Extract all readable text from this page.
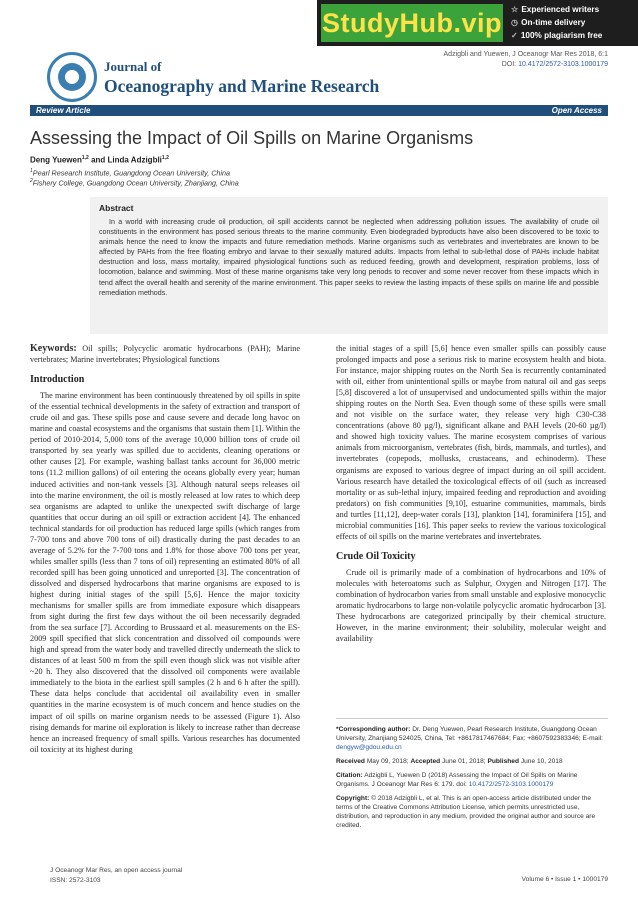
StudyHub.vip ☆ Experienced writers
◷ On-time delivery
✓ 100% plagiarism free
Adzigbli and Yuewen, J Oceanogr Mar Res 2018, 6:1
DOI: 10.4172/2572-3103.1000179
Journal of
Oceanography and Marine Research
Review Article	Open Access
Assessing the Impact of Oil Spills on Marine Organisms
Deng Yuewen$^{1,2}$ and Linda Adzigbli$^{1,2}$
$^1$Pearl Research Institute, Guangdong Ocean University, China
$^2$Fishery College, Guangdong Ocean University, Zhanjiang, China
Abstract

In a world with increasing crude oil production, oil spill accidents cannot be neglected when addressing pollution issues. The availability of crude oil constituents in the environment has posed serious threats to the marine community. Even biodegraded byproducts have also been discovered to be toxic to animals hence the need to know the impacts and future remediation methods. Marine organisms such as vertebrates and invertebrates are known to be affected by PAHs from the free floating embryo and larvae to their sexually matured adults. Impacts from lethal to sub-lethal dose of PAHs include habitat destruction and loss, mass mortality, impaired physiological functions such as reduced feeding, growth and development, respiration problems, loss of locomotion, balance and swimming. Most of these marine organisms take very long periods to recover and some never recover from these impacts which in tend affect the overall health and serenity of the marine environment. This paper seeks to review the lasting impacts of these spills on marine life and possible remediation methods.

Keywords: Oil spills; Polycyclic aromatic hydrocarbons (PAH); Marine vertebrates; Marine invertebrates; Physiological functions

Introduction

The marine environment has been continuously threatened by oil spills in spite of the essential technical developments in the safety of extraction and transport of crude oil and gas. These spills pose and cause severe and decade long havoc on marine and coastal ecosystems and the organisms that sustain them [1]. Within the period of 2010-2014, 5,000 tons of the average 10,000 billion tons of crude oil transported by sea yearly was spilled due to accidents, cleaning operations or other causes [2]. For example, washing ballast tanks account for 36,000 metric tons (11.2 million gallons) of oil entering the oceans globally every year; human induced activities and non-tank vessels [3]. Although natural seeps releases oil into the marine environment, the oil is mostly released at low rates to which deep sea organisms are adapted to unlike the unexpected swift discharge of large quantities that occur during an oil spill or extraction accident [4]. The enhanced technical standards for oil production has reduced large spills (which ranges from 7-700 tons and above 700 tons of oil) drastically during the past decades to an average of 5.2% for the 7-700 tons and 1.8% for those above 700 tons per year, whiles smaller spills (less than 7 tons of oil) representing an estimated 80% of all recorded spill has been going unnoticed and unreported [3]. The concentration of dissolved and dispersed hydrocarbons that marine organisms are exposed to is highest during initial stages of the spill [5,6]. Hence the major toxicity mechanisms for smaller spills are from immediate exposure which disappears from sight during the first few days without the oil been necessarily degraded from the sea surface [7]. According to Brussaard et al. measurements on the ES-2009 spill specified that slick concentration and dissolved oil compounds were high and spread from the water body and travelled directly underneath the slick to distances of at least 500 m from the spill even though slick was not visible after ~20 h. They also discovered that the dissolved oil components were available immediately to the biota in the earliest spill samples (2 h and 6 h after the spill). These data helps conclude that accidental oil availability even in smaller quantities in the marine ecosystem is of much concern and hence studies on the impact of oil spills on marine organism needs to be assessed (Figure 1). Also rising demands for marine oil exploration is likely to increase rather than decrease hence an increased frequency of small spills. Various researches has documented oil toxicity at its highest during

the initial stages of a spill [5,6] hence even smaller spills can possibly cause prolonged impacts and pose a serious risk to marine ecosystem health and biota. For instance, major shipping routes on the North Sea is recurrently contaminated with oil, either from unintentional spills or maybe from natural oil and gas seeps [5,8] discovered a lot of unsupervised and undocumented spills within the major shipping routes on the North Sea. Even though some of these spills were small and not visible on the surface water, they release very high C30-C38 concentrations (above 80 µg/l), significant alkane and PAH levels (20-60 µg/l) and showed high toxicity values. The marine ecosystem comprises of various animals from microorganism, vertebrates (fish, birds, mammals, and turtles), and invertebrates (copepods, mollusks, crustaceans, and echinoderm). These organisms are exposed to various degree of impact during an oil spill accident. Various research have detailed the toxicological effects of oil (such as increased mortality or as sub-lethal injury, impaired feeding and reproduction and avoiding predators) on fish communities [9,10], estuarine communities, mammals, birds and turtles [11,12], deep-water corals [13], plankton [14], foraminifera [15], and microbial communities [16]. This paper seeks to review the various toxicological effects of oil spills on the marine vertebrates and invertebrates.

Crude Oil Toxicity

Crude oil is primarily made of a combination of hydrocarbons and 10% of molecules with heteroatoms such as Sulphur, Oxygen and Nitrogen [17]. The combination of hydrocarbon varies from small unstable and explosive monocyclic aromatic hydrocarbons to large non-volatile polycyclic aromatic hydrocarbon [3]. These hydrocarbons are categorized principally by their chemical structure. However, in the marine environment; their solubility, molecular weight and availability

*Corresponding author: Dr. Deng Yuewen, Pearl Research Institute, Guangdong Ocean University, Zhanjiang 524025, China, Tel: +8617817467684; Fax: +8607592383346; E-mail: dengyw@gdou.edu.cn

Received May 09, 2018; Accepted June 01, 2018; Published June 10, 2018

Citation: Adzigbli L, Yuewen D (2018) Assessing the Impact of Oil Spills on Marine Organisms. J Oceanogr Mar Res 6: 179. doi: 10.4172/2572-3103.1000179

Copyright: © 2018 Adzigbli L, et al. This is an open-access article distributed under the terms of the Creative Commons Attribution License, which permits unrestricted use, distribution, and reproduction in any medium, provided the original author and source are credited.

J Oceanogr Mar Res, an open access journal
ISSN: 2572-3103	Volume 6 • Issue 1 • 1000179
